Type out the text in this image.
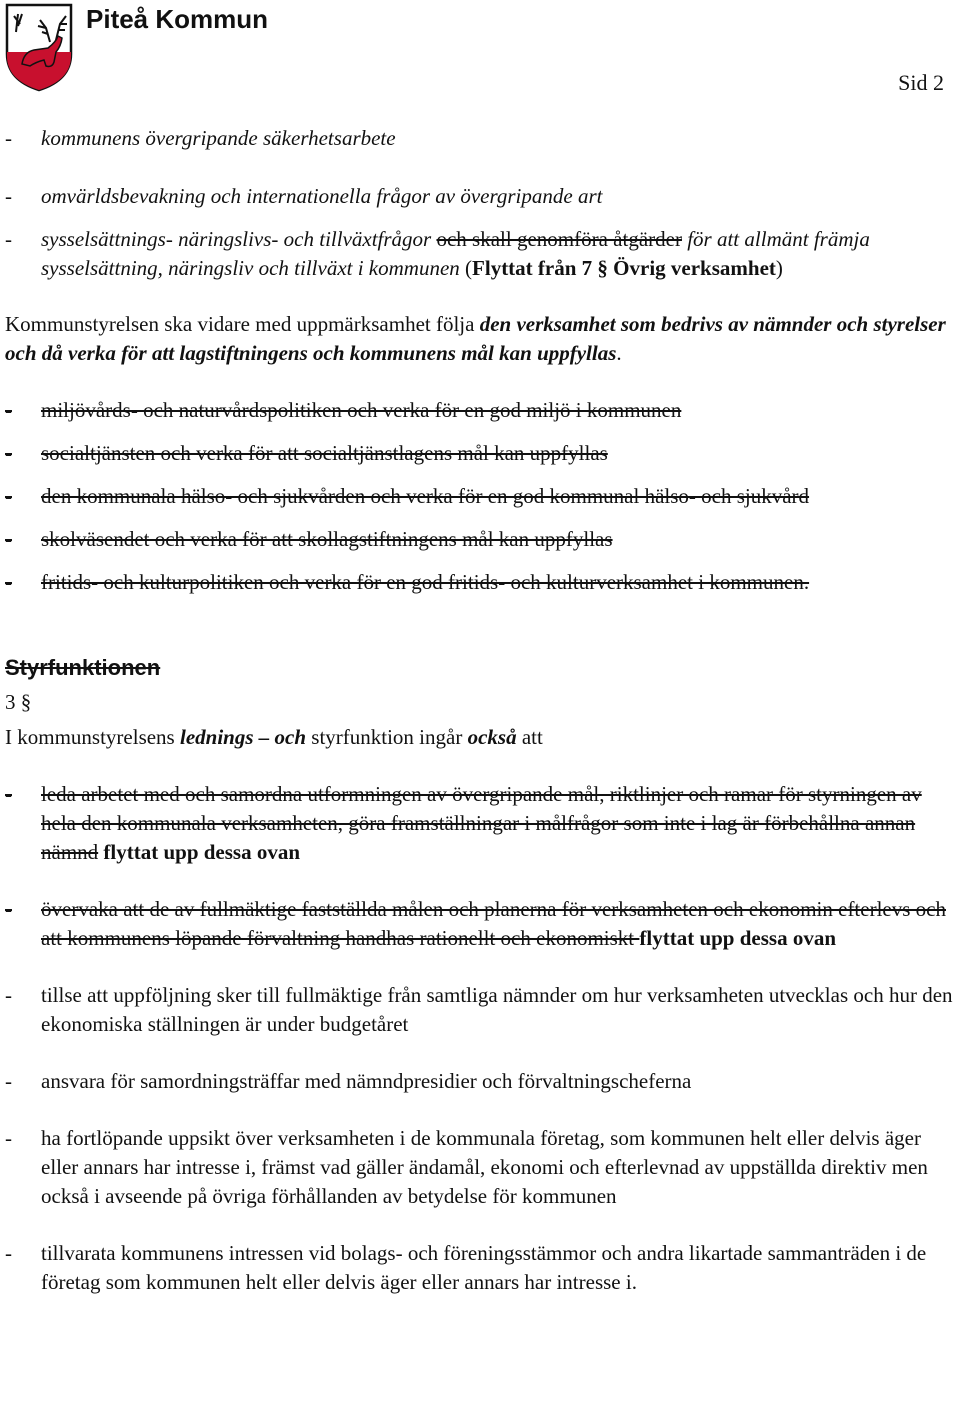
Piteå Kommun
Sid 2
-	kommunens övergripande säkerhetsarbete
-	omvärldsbevakning och internationella frågor av övergripande art
-	sysselsättnings- näringslivs- och tillväxtfrågor och skall genomföra åtgärder för att allmänt främja sysselsättning, näringsliv och tillväxt i kommunen (Flyttat från 7 § Övrig verksamhet)

Kommunstyrelsen ska vidare med uppmärksamhet följa den verksamhet som bedrivs av nämnder och styrelser och då verka för att lagstiftningens och kommunens mål kan uppfyllas.

-	miljövårds- och naturvårdspolitiken och verka för en god miljö i kommunen
-	socialtjänsten och verka för att socialtjänstlagens mål kan uppfyllas
-	den kommunala hälso- och sjukvården och verka för en god kommunal hälso- och sjukvård
-	skolväsendet och verka för att skollagstiftningens mål kan uppfyllas
-	fritids- och kulturpolitiken och verka för en god fritids- och kulturverksamhet i kommunen.
Styrfunktionen
3 §
I kommunstyrelsens lednings – och styrfunktion ingår också att
-	leda arbetet med och samordna utformningen av övergripande mål, riktlinjer och ramar för styrningen av hela den kommunala verksamheten, göra framställningar i målfrågor som inte i lag är förbehållna annan nämnd flyttat upp dessa ovan
-	övervaka att de av fullmäktige fastställda målen och planerna för verksamheten och ekonomin efterlevs och att kommunens löpande förvaltning handhas rationellt och ekonomiskt flyttat upp dessa ovan
-	tillse att uppföljning sker till fullmäktige från samtliga nämnder om hur verksamheten utvecklas och hur den ekonomiska ställningen är under budgetåret
-	ansvara för samordningsträffar med nämndpresidier och förvaltningscheferna
-	ha fortlöpande uppsikt över verksamheten i de kommunala företag, som kommunen helt eller delvis äger eller annars har intresse i, främst vad gäller ändamål, ekonomi och efterlevnad av uppställda direktiv men också i avseende på övriga förhållanden av betydelse för kommunen
-	tillvarata kommunens intressen vid bolags- och föreningsstämmor och andra likartade sammanträden i de företag som kommunen helt eller delvis äger eller annars har intresse i.
